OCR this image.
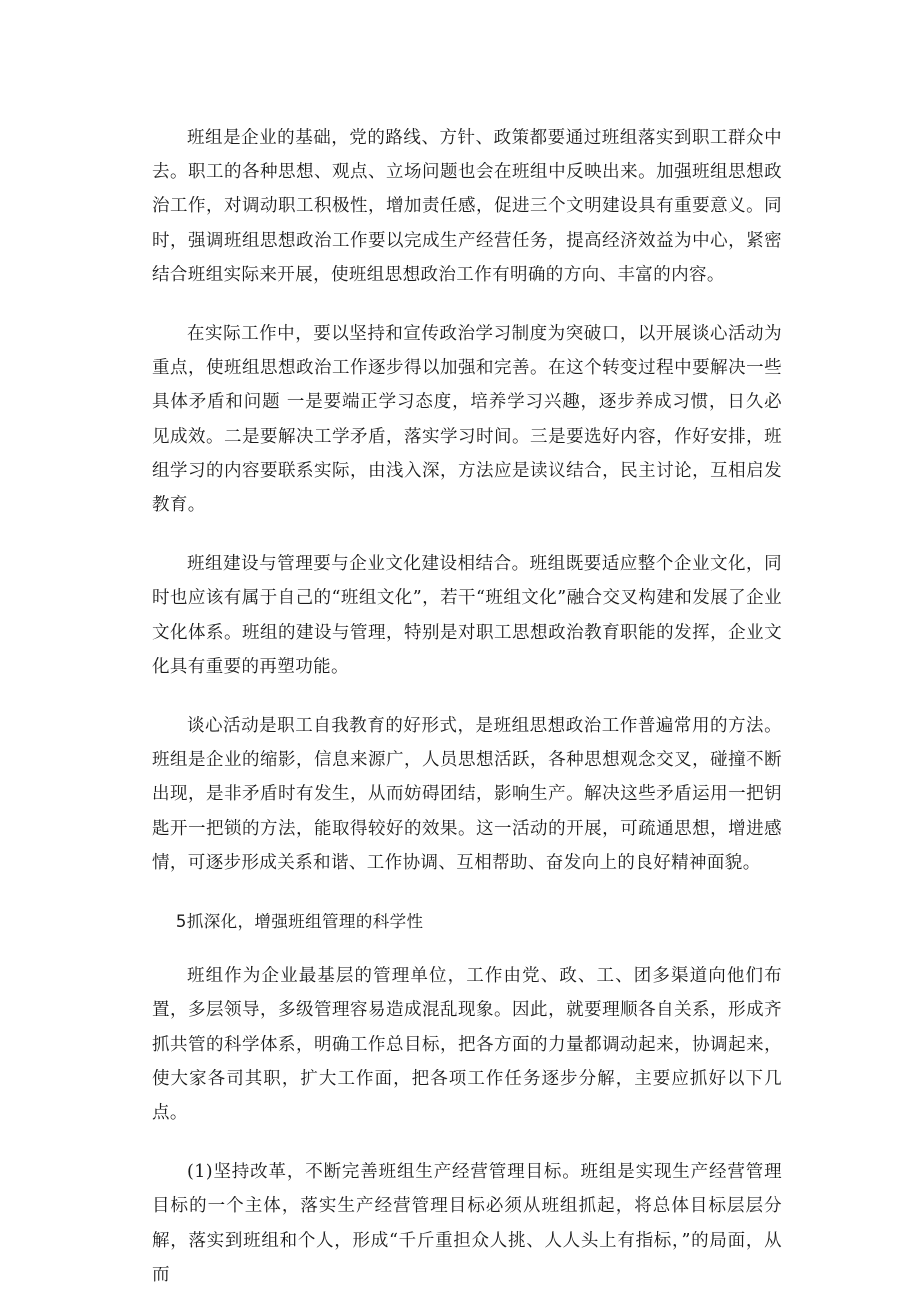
班组是企业的基础，党的路线、方针、政策都要通过班组落实到职工群众中去。职工的各种思想、观点、立场问题也会在班组中反映出来。加强班组思想政治工作，对调动职工积极性，增加责任感，促进三个文明建设具有重要意义。同时，强调班组思想政治工作要以完成生产经营任务，提高经济效益为中心，紧密结合班组实际来开展，使班组思想政治工作有明确的方向、丰富的内容。

在实际工作中，要以坚持和宣传政治学习制度为突破口，以开展谈心活动为重点，使班组思想政治工作逐步得以加强和完善。在这个转变过程中要解决一些具体矛盾和问题 一是要端正学习态度，培养学习兴趣，逐步养成习惯，日久必见成效。二是要解决工学矛盾，落实学习时间。三是要选好内容，作好安排，班组学习的内容要联系实际，由浅入深，方法应是读议结合，民主讨论，互相启发教育。

班组建设与管理要与企业文化建设相结合。班组既要适应整个企业文化，同时也应该有属于自己的“班组文化”，若干“班组文化”融合交叉构建和发展了企业文化体系。班组的建设与管理，特别是对职工思想政治教育职能的发挥，企业文化具有重要的再塑功能。

谈心活动是职工自我教育的好形式，是班组思想政治工作普遍常用的方法。班组是企业的缩影，信息来源广，人员思想活跃，各种思想观念交叉，碰撞不断出现，是非矛盾时有发生，从而妨碍团结，影响生产。解决这些矛盾运用一把钥匙开一把锁的方法，能取得较好的效果。这一活动的开展，可疏通思想，增进感情，可逐步形成关系和谐、工作协调、互相帮助、奋发向上的良好精神面貌。

5抓深化，增强班组管理的科学性

班组作为企业最基层的管理单位，工作由党、政、工、团多渠道向他们布置，多层领导，多级管理容易造成混乱现象。因此，就要理顺各自关系，形成齐抓共管的科学体系，明确工作总目标，把各方面的力量都调动起来，协调起来，使大家各司其职，扩大工作面，把各项工作任务逐步分解，主要应抓好以下几点。

(1)坚持改革，不断完善班组生产经营管理目标。班组是实现生产经营管理目标的一个主体，落实生产经营管理目标必须从班组抓起，将总体目标层层分解，落实到班组和个人，形成“千斤重担众人挑、人人头上有指标，”的局面，从而
